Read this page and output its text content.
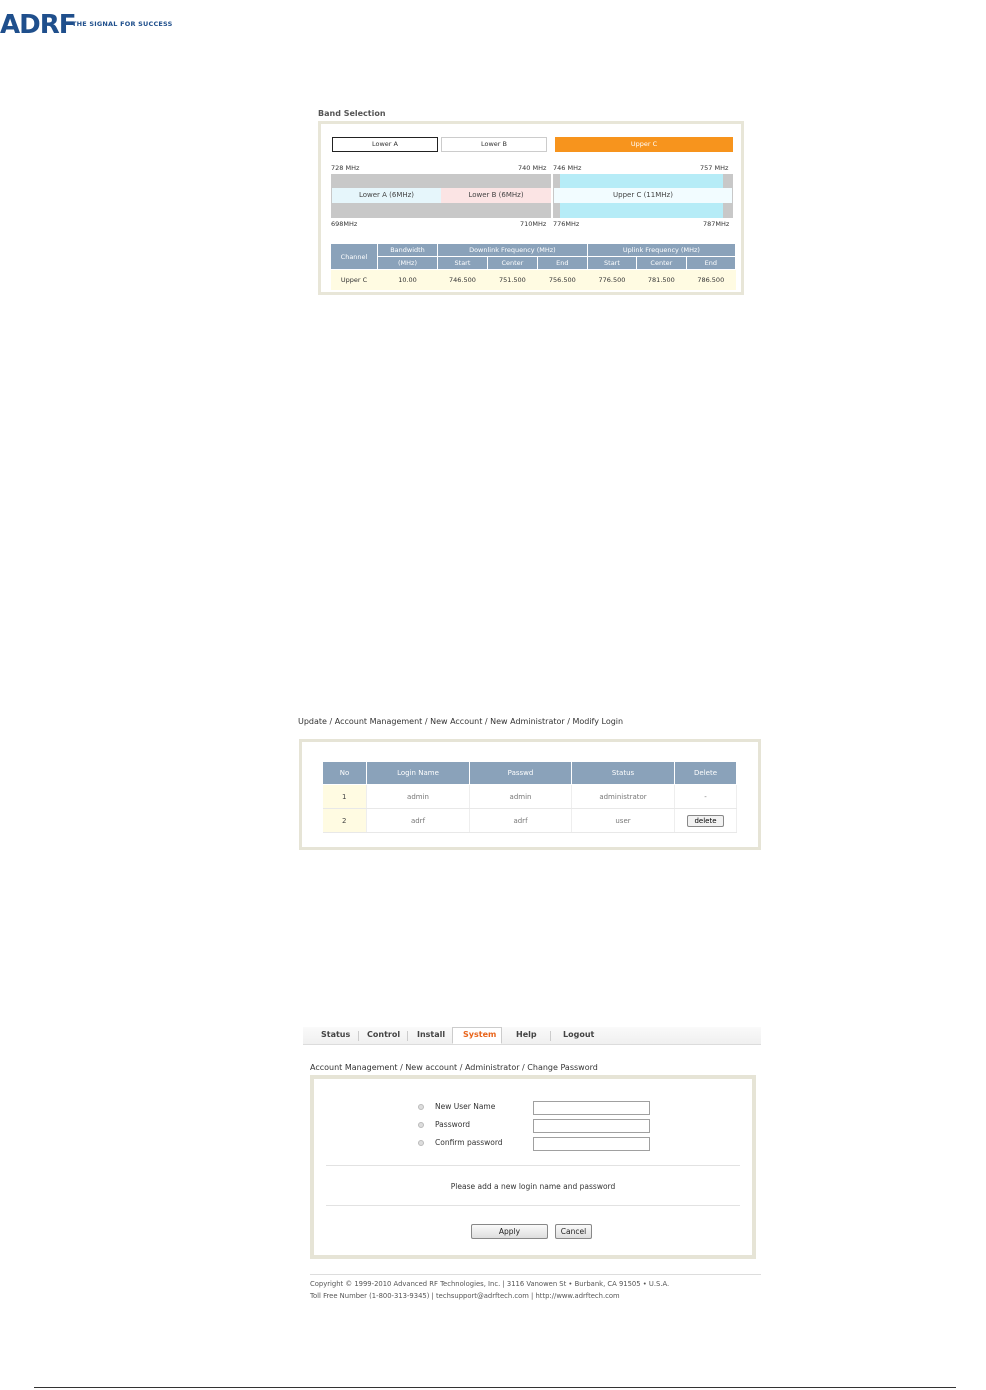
ADRF
THE SIGNAL FOR SUCCESS
Band Selection
Lower A	Lower B	Upper C
728 MHz	740 MHz 746 MHz	757 MHz
Lower A (6MHz)	Lower B (6MHz)	Upper C (11MHz)
698MHz	710MHz 776MHz	787MHz
Channel	Bandwidth	Downlink Frequency (MHz)			Uplink Frequency (MHz)		
	(MHz)	Start	Center	End	Start	Center	End
Upper C	10.00	746.500	751.500	756.500	776.500	781.500	786.500
Update / Account Management / New Account / New Administrator / Modify Login
No	Login Name	Passwd	Status	Delete
1	admin	admin	administrator	-
2	adrf	adrf	user	delete
Status Control Install System Help	Logout
Account Management / New account / Administrator / Change Password
New User Name
Password
Confirm password
Please add a new login name and password
Apply	Cancel
Copyright © 1999-2010 Advanced RF Technologies, Inc. | 3116 Vanowen St • Burbank, CA 91505 • U.S.A.
Toll Free Number (1-800-313-9345) | techsupport@adrftech.com | http://www.adrftech.com
